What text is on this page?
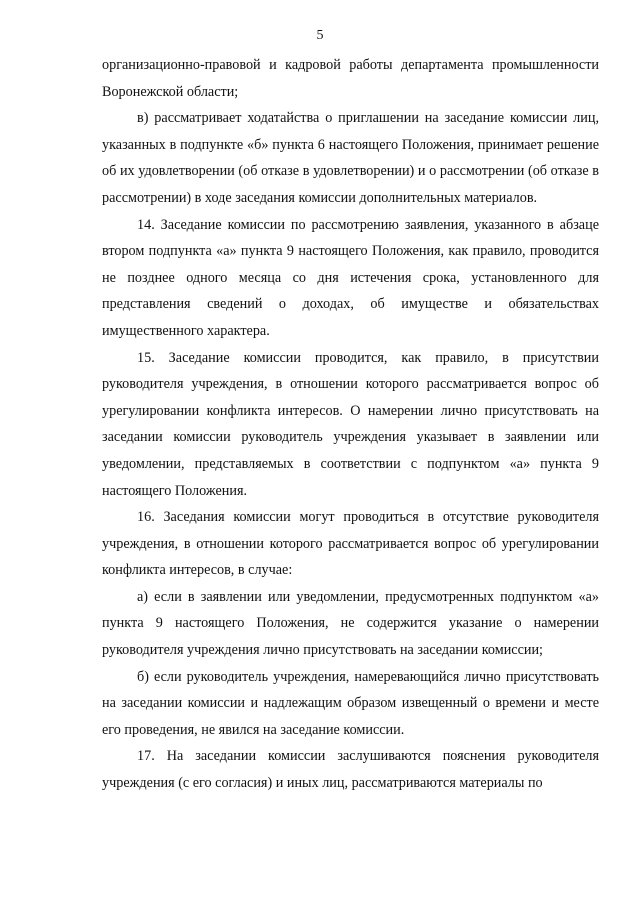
5

организационно-правовой и кадровой работы департамента промышленности Воронежской области;

в) рассматривает ходатайства о приглашении на заседание комиссии лиц, указанных в подпункте «б» пункта 6 настоящего Положения, принимает решение об их удовлетворении (об отказе в удовлетворении) и о рассмотрении (об отказе в рассмотрении) в ходе заседания комиссии дополнительных материалов.

14. Заседание комиссии по рассмотрению заявления, указанного в абзаце втором подпункта «а» пункта 9 настоящего Положения, как правило, проводится не позднее одного месяца со дня истечения срока, установленного для представления сведений о доходах, об имуществе и обязательствах имущественного характера.

15. Заседание комиссии проводится, как правило, в присутствии руководителя учреждения, в отношении которого рассматривается вопрос об урегулировании конфликта интересов. О намерении лично присутствовать на заседании комиссии руководитель учреждения указывает в заявлении или уведомлении, представляемых в соответствии с подпунктом «а» пункта 9 настоящего Положения.

16. Заседания комиссии могут проводиться в отсутствие руководителя учреждения, в отношении которого рассматривается вопрос об урегулировании конфликта интересов, в случае:

а) если в заявлении или уведомлении, предусмотренных подпунктом «а» пункта 9 настоящего Положения, не содержится указание о намерении руководителя учреждения лично присутствовать на заседании комиссии;

б) если руководитель учреждения, намеревающийся лично присутствовать на заседании комиссии и надлежащим образом извещенный о времени и месте его проведения, не явился на заседание комиссии.

17. На заседании комиссии заслушиваются пояснения руководителя учреждения (с его согласия) и иных лиц, рассматриваются материалы по
